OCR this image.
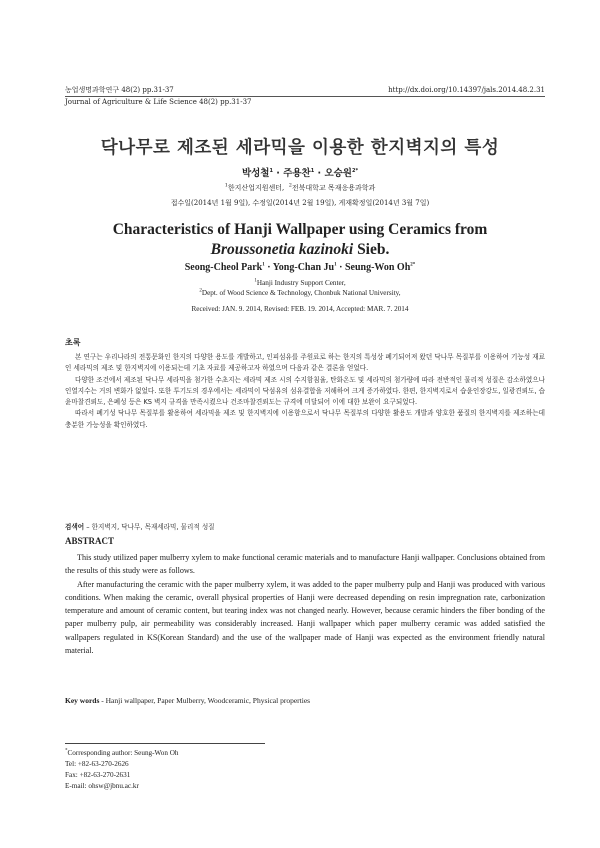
농업생명과학연구 48(2) pp.31-37	http://dx.doi.org/10.14397/jals.2014.48.2.31
Journal of Agriculture & Life Science 48(2) pp.31-37
닥나무로 제조된 세라믹을 이용한 한지벽지의 특성
박성철$^1$ · 주용찬$^1$ · 오승원$^{2*}$
$^1$한지산업지원센터, $^2$전북대학교 목재응용과학과
접수일(2014년 1월 9일), 수정일(2014년 2월 19일), 게재확정일(2014년 3월 7일)
Characteristics of Hanji Wallpaper using Ceramics from
Broussonetia kazinoki Sieb.
Seong-Cheol Park$^1$ · Yong-Chan $Ju^1$ · Seung-Won $Oh^{2*}$
$^1$Hanji Industry Support Center,
$^2$Dept. of Wood Science & Technology, Chonbuk National University,
Received: JAN. 9. 2014, Revised: FEB. 19. 2014, Accepted: MAR. 7. 2014
초록

본 연구는 우리나라의 전통문화인 한지의 다양한 용도를 개발하고, 인피섬유를 주원료로 하는 한지의 특성상 폐기되어져 왔던 닥나무 목질부를 이용하여 기능성 재료인 세라믹의 제조 및 한지벽지에 이용되는데 기초 자료를 제공하고자 하였으며 다음과 같은 결론을 얻었다.

다양한 조건에서 제조된 닥나무 세라믹을 첨가한 수초지는 세라믹 제조 시의 수지함침율, 탄화온도 및 세라믹의 첨가량에 따라 전반적인 물리적 성질은 감소하였으나 인열지수는 거의 변화가 없었다. 또한 투기도의 경우에서는 세라믹이 닥섬유의 섬유결합을 저해하여 크게 증가하였다. 한편, 한지벽지로서 습윤인장강도, 일광견뢰도, 습윤마찰견뢰도, 은폐성 등은 KS 벽지 규격을 만족시켰으나 건조마찰견뢰도는 규격에 미달되어 이에 대한 보완이 요구되었다.

따라서 폐기성 닥나무 목질부를 활용하여 세라믹을 제조 및 한지벽지에 이용함으로서 닥나무 목질부의 다양한 활용도 개발과 양호한 품질의 한지벽지를 제조하는데 충분한 가능성을 확인하였다.

검색어 – 한지벽지, 닥나무, 목재세라믹, 물리적 성질
ABSTRACT

This study utilized paper mulberry xylem to make functional ceramic materials and to manufacture Hanji wallpaper. Conclusions obtained from the results of this study were as follows.

After manufacturing the ceramic with the paper mulberry xylem, it was added to the paper mulberry pulp and Hanji was produced with various conditions. When making the ceramic, overall physical properties of Hanji were decreased depending on resin impregnation rate, carbonization temperature and amount of ceramic content, but tearing index was not changed nearly. However, because ceramic hinders the fiber bonding of the paper mulberry pulp, air permeability was considerably increased. Hanji wallpaper which paper mulberry ceramic was added satisfied the wallpapers regulated in KS(Korean Standard) and the use of the wallpaper made of Hanji was expected as the environment friendly natural material.

Key words - Hanji wallpaper, Paper Mulberry, Woodceramic, Physical properties
*Corresponding author: Seung-Won Oh
Tel: +82-63-270-2626
Fax: +82-63-270-2631
E-mail: ohsw@jbnu.ac.kr
